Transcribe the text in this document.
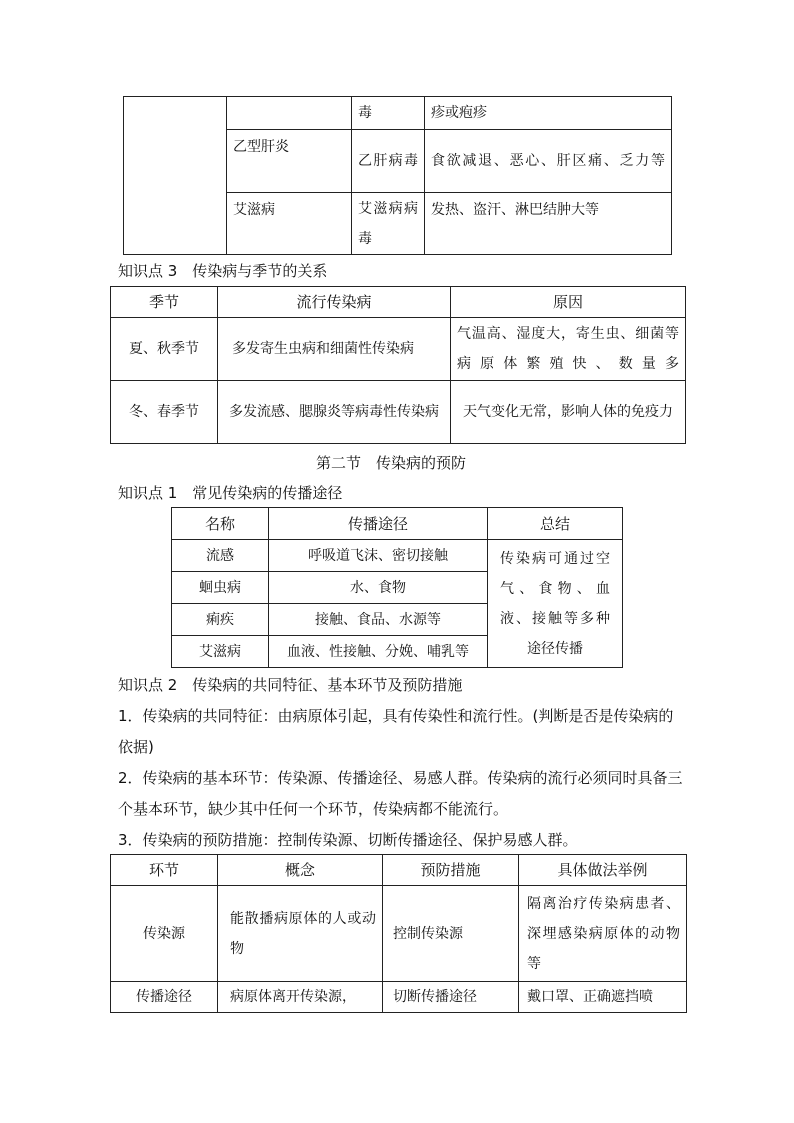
		毒	疹或疱疹
	乙型肝炎	乙肝病毒	食欲减退、恶心、肝区痛、乏力等
	艾滋病	艾滋病病毒	发热、盗汗、淋巴结肿大等
知识点 3　传染病与季节的关系
季节	流行传染病	原因
夏、秋季节	多发寄生虫病和细菌性传染病	气温高、湿度大，寄生虫、细菌等病原体繁殖快、数量多
冬、春季节	多发流感、腮腺炎等病毒性传染病	天气变化无常，影响人体的免疫力
第二节　传染病的预防
知识点 1　常见传染病的传播途径
名称	传播途径	总结
流感	呼吸道飞沫、密切接触	传染病可通过空气、食物、血液、接触等多种途径传播
蛔虫病	水、食物	
痢疾	接触、食品、水源等	
艾滋病	血液、性接触、分娩、哺乳等	
知识点 2　传染病的共同特征、基本环节及预防措施
1．传染病的共同特征：由病原体引起，具有传染性和流行性。(判断是否是传染病的依据)
2．传染病的基本环节：传染源、传播途径、易感人群。传染病的流行必须同时具备三个基本环节，缺少其中任何一个环节，传染病都不能流行。
3．传染病的预防措施：控制传染源、切断传播途径、保护易感人群。
环节	概念	预防措施	具体做法举例
传染源	能散播病原体的人或动物	控制传染源	隔离治疗传染病患者、深埋感染病原体的动物等
传播途径	病原体离开传染源，	切断传播途径	戴口罩、正确遮挡喷
